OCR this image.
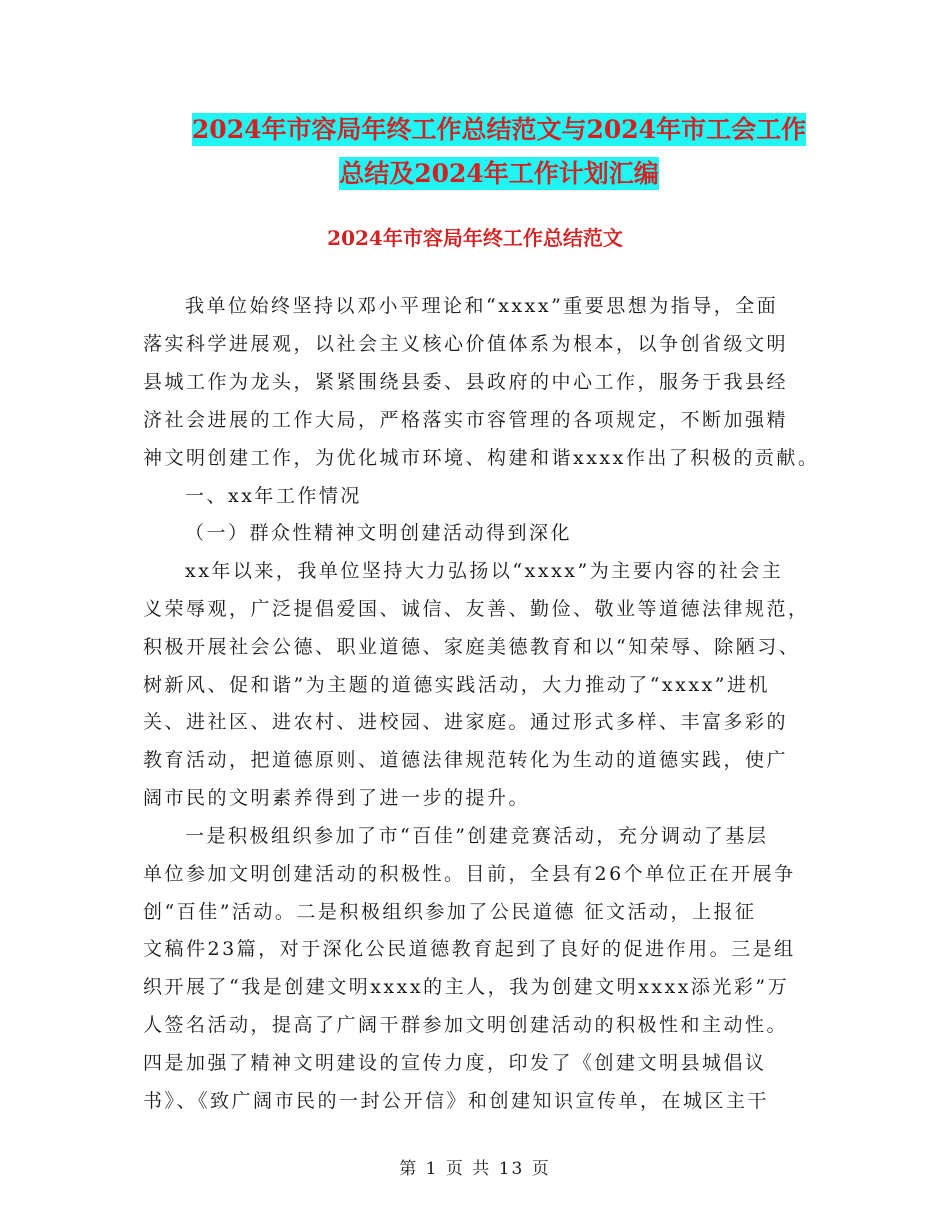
2024年市容局年终工作总结范文与2024年市工会工作
总结及2024年工作计划汇编
2024年市容局年终工作总结范文
我单位始终坚持以邓小平理论和“xxxx”重要思想为指导，全面
落实科学进展观，以社会主义核心价值体系为根本，以争创省级文明
县城工作为龙头，紧紧围绕县委、县政府的中心工作，服务于我县经
济社会进展的工作大局，严格落实市容管理的各项规定，不断加强精
神文明创建工作，为优化城市环境、构建和谐xxxx作出了积极的贡献。
一、xx年工作情况
（一）群众性精神文明创建活动得到深化
xx年以来，我单位坚持大力弘扬以“xxxx”为主要内容的社会主
义荣辱观，广泛提倡爱国、诚信、友善、勤俭、敬业等道德法律规范，
积极开展社会公德、职业道德、家庭美德教育和以“知荣辱、除陋习、
树新风、促和谐”为主题的道德实践活动，大力推动了“xxxx”进机
关、进社区、进农村、进校园、进家庭。通过形式多样、丰富多彩的
教育活动，把道德原则、道德法律规范转化为生动的道德实践，使广
阔市民的文明素养得到了进一步的提升。
一是积极组织参加了市“百佳”创建竞赛活动，充分调动了基层
单位参加文明创建活动的积极性。目前，全县有26个单位正在开展争
创“百佳”活动。二是积极组织参加了公民道德 征文活动，上报征
文稿件23篇，对于深化公民道德教育起到了良好的促进作用。三是组
织开展了“我是创建文明xxxx的主人，我为创建文明xxxx添光彩”万
人签名活动，提高了广阔干群参加文明创建活动的积极性和主动性。
四是加强了精神文明建设的宣传力度，印发了《创建文明县城倡议
书》、《致广阔市民的一封公开信》和创建知识宣传单，在城区主干
第 1 页 共 13 页
